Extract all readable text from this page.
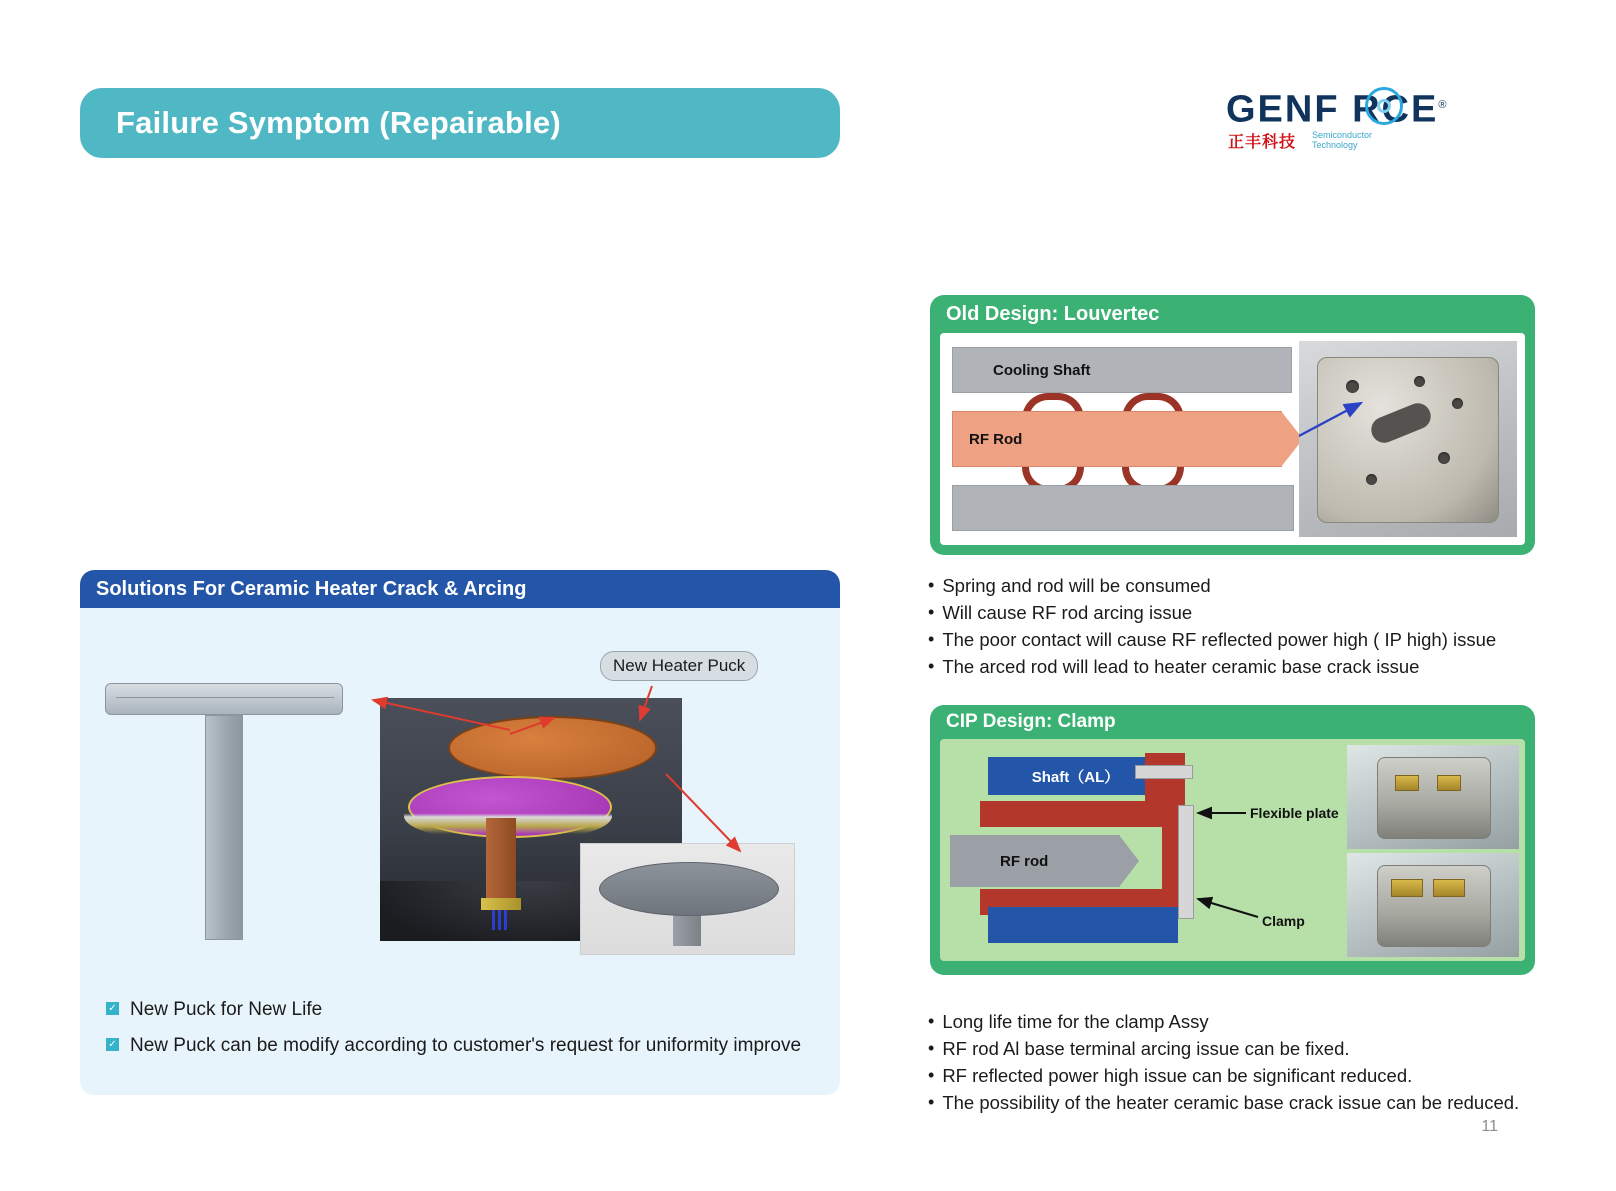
Failure Symptom (Repairable)	GENF RCE®
正丰科技 Semiconductor
Technology
Solutions For Ceramic Heater Crack & Arcing
New Heater Puck
✓ New Puck for New Life
✓ New Puck can be modify according to customer's request for uniformity improve
Old Design: Louvertec
Cooling Shaft
RF Rod
• Spring and rod will be consumed
• Will cause RF rod arcing issue
• The poor contact will cause RF reflected power high ( IP high) issue
• The arced rod will lead to heater ceramic base crack issue
CIP Design: Clamp
Shaft（AL）
RF rod
Flexible plate
Clamp
• Long life time for the clamp Assy
• RF rod Al base terminal arcing issue can be fixed.
• RF reflected power high issue can be significant reduced.
• The possibility of the heater ceramic base crack issue can be reduced.
11
